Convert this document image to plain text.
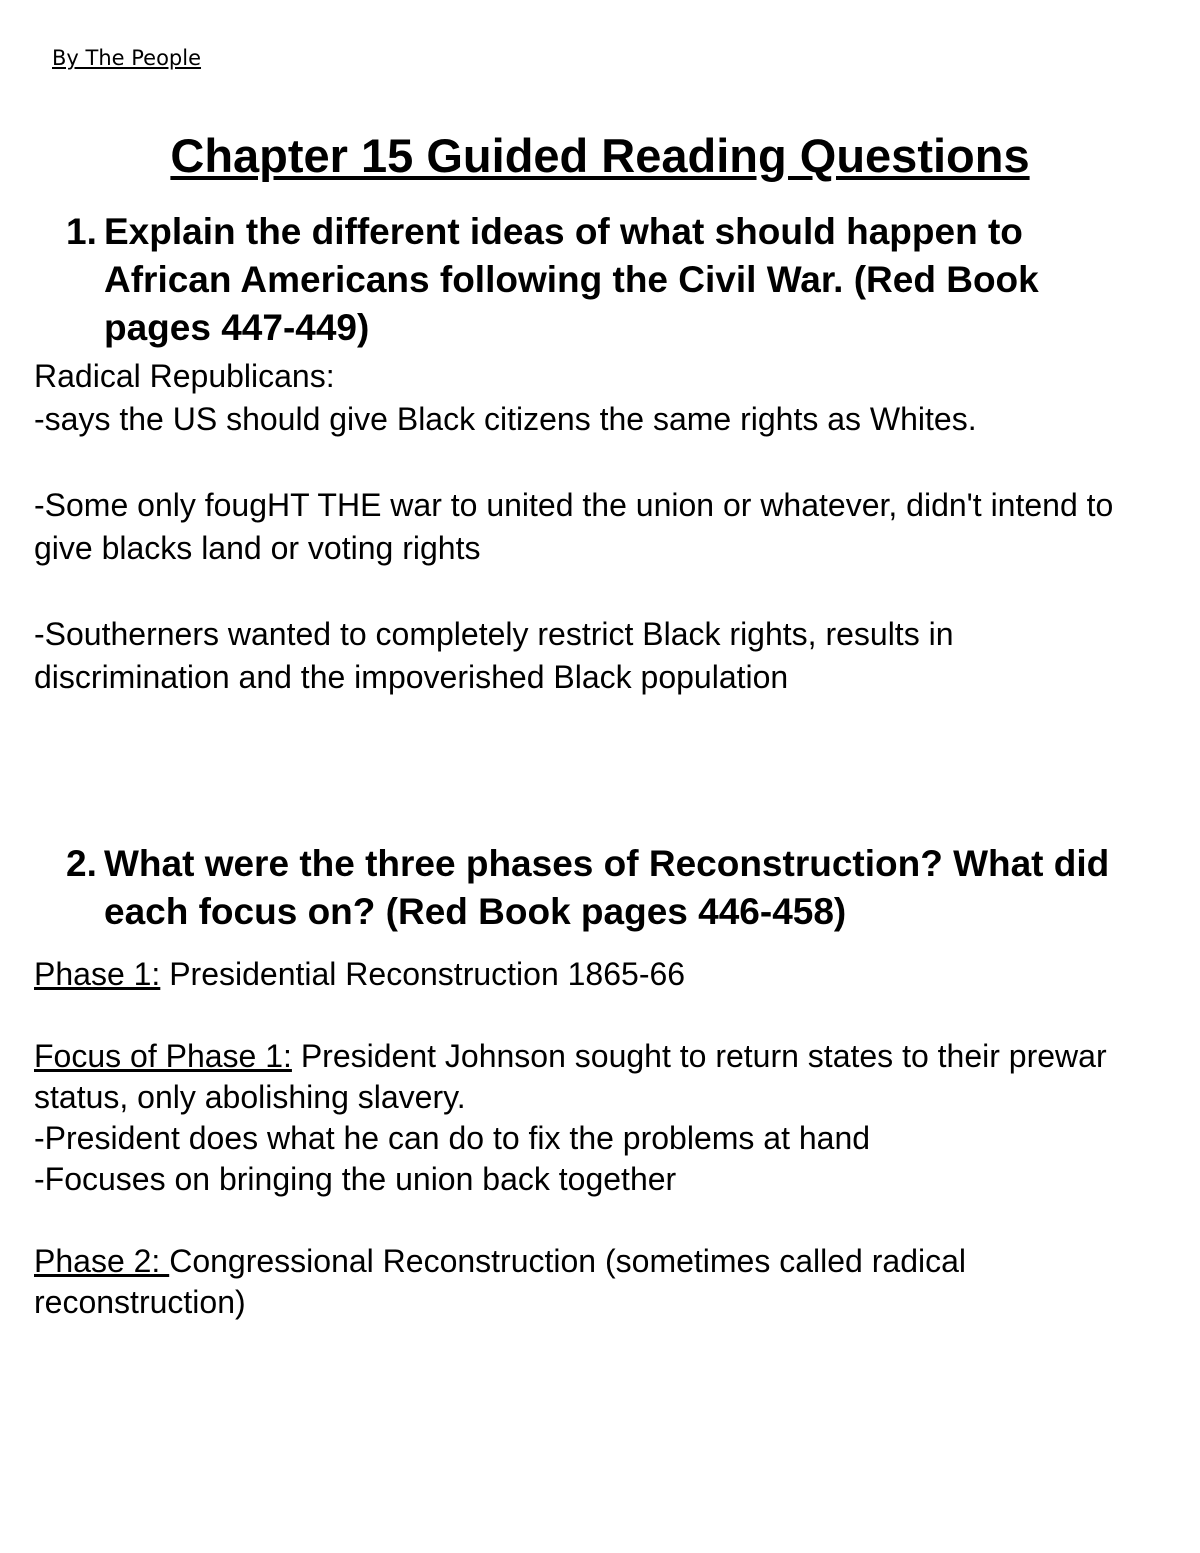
By The People
Chapter 15 Guided Reading Questions
1. Explain the different ideas of what should happen to African Americans following the Civil War. (Red Book pages 447-449)

Radical Republicans:

-says the US should give Black citizens the same rights as Whites.

-Some only fougHT THE war to united the union or whatever, didn't intend to give blacks land or voting rights

-Southerners wanted to completely restrict Black rights, results in discrimination and the impoverished Black population

2. What were the three phases of Reconstruction? What did each focus on? (Red Book pages 446-458)

Phase 1: Presidential Reconstruction 1865-66

Focus of Phase 1: President Johnson sought to return states to their prewar status, only abolishing slavery.

-President does what he can do to fix the problems at hand

-Focuses on bringing the union back together

Phase 2: Congressional Reconstruction (sometimes called radical reconstruction)
